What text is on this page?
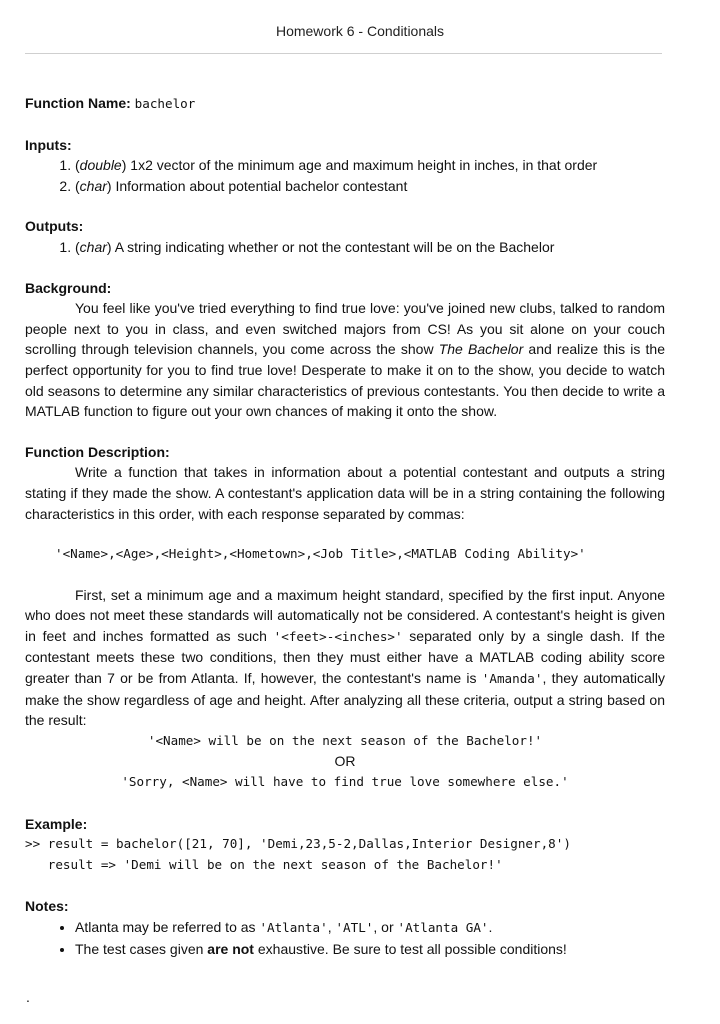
Homework 6 - Conditionals

Function Name: bachelor

Inputs:

1. (double) 1x2 vector of the minimum age and maximum height in inches, in that order
2. (char) Information about potential bachelor contestant

Outputs:

1. (char) A string indicating whether or not the contestant will be on the Bachelor

Background:

You feel like you've tried everything to find true love: you've joined new clubs, talked to random people next to you in class, and even switched majors from CS! As you sit alone on your couch scrolling through television channels, you come across the show The Bachelor and realize this is the perfect opportunity for you to find true love! Desperate to make it on to the show, you decide to watch old seasons to determine any similar characteristics of previous contestants. You then decide to write a MATLAB function to figure out your own chances of making it onto the show.

Function Description:

Write a function that takes in information about a potential contestant and outputs a string stating if they made the show. A contestant's application data will be in a string containing the following characteristics in this order, with each response separated by commas:

'<Name>,<Age>,<Height>,<Hometown>,<Job Title>,<MATLAB Coding Ability>'

First, set a minimum age and a maximum height standard, specified by the first input. Anyone who does not meet these standards will automatically not be considered. A contestant's height is given in feet and inches formatted as such '<feet>-<inches>' separated only by a single dash. If the contestant meets these two conditions, then they must either have a MATLAB coding ability score greater than 7 or be from Atlanta. If, however, the contestant's name is 'Amanda', they automatically make the show regardless of age and height. After analyzing all these criteria, output a string based on the result:

'<Name> will be on the next season of the Bachelor!'

OR

'Sorry, <Name> will have to find true love somewhere else.'

Example:

>> result = bachelor([21, 70], 'Demi,23,5-2,Dallas,Interior Designer,8')

result => 'Demi will be on the next season of the Bachelor!'

Notes:

• Atlanta may be referred to as 'Atlanta', 'ATL', or 'Atlanta GA'.
• The test cases given are not exhaustive. Be sure to test all possible conditions!
.
